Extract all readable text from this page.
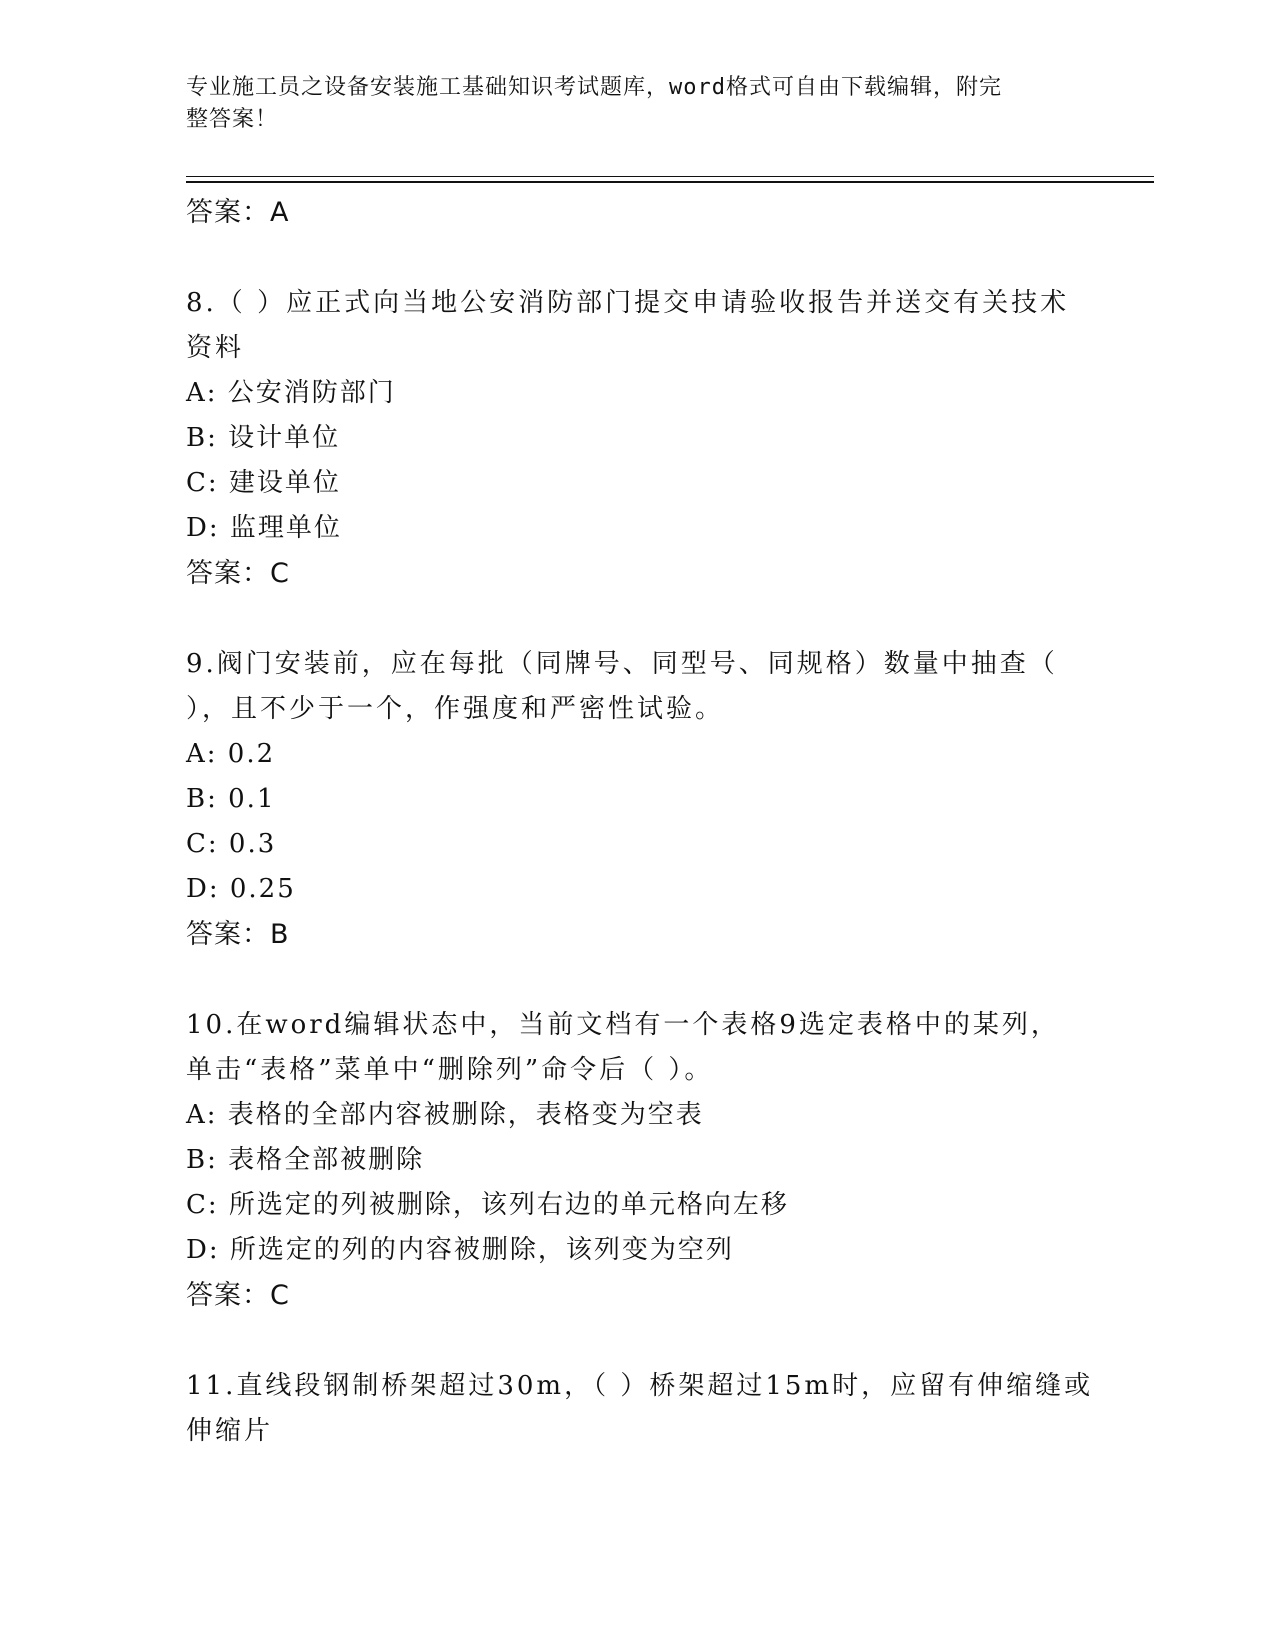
专业施工员之设备安装施工基础知识考试题库，word格式可自由下载编辑，附完
整答案！
答案：A
8.（ ）应正式向当地公安消防部门提交申请验收报告并送交有关技术
资料
A: 公安消防部门
B: 设计单位
C: 建设单位
D: 监理单位
答案：C
9.阀门安装前，应在每批（同牌号、同型号、同规格）数量中抽查（
），且不少于一个，作强度和严密性试验。
A: 0.2
B: 0.1
C: 0.3
D: 0.25
答案：B
10.在word编辑状态中，当前文档有一个表格9选定表格中的某列，
单击“表格”菜单中“删除列”命令后（ ）。
A: 表格的全部内容被删除，表格变为空表
B: 表格全部被删除
C: 所选定的列被删除，该列右边的单元格向左移
D: 所选定的列的内容被删除，该列变为空列
答案：C
11.直线段钢制桥架超过30m，（ ）桥架超过15m时，应留有伸缩缝或
伸缩片
